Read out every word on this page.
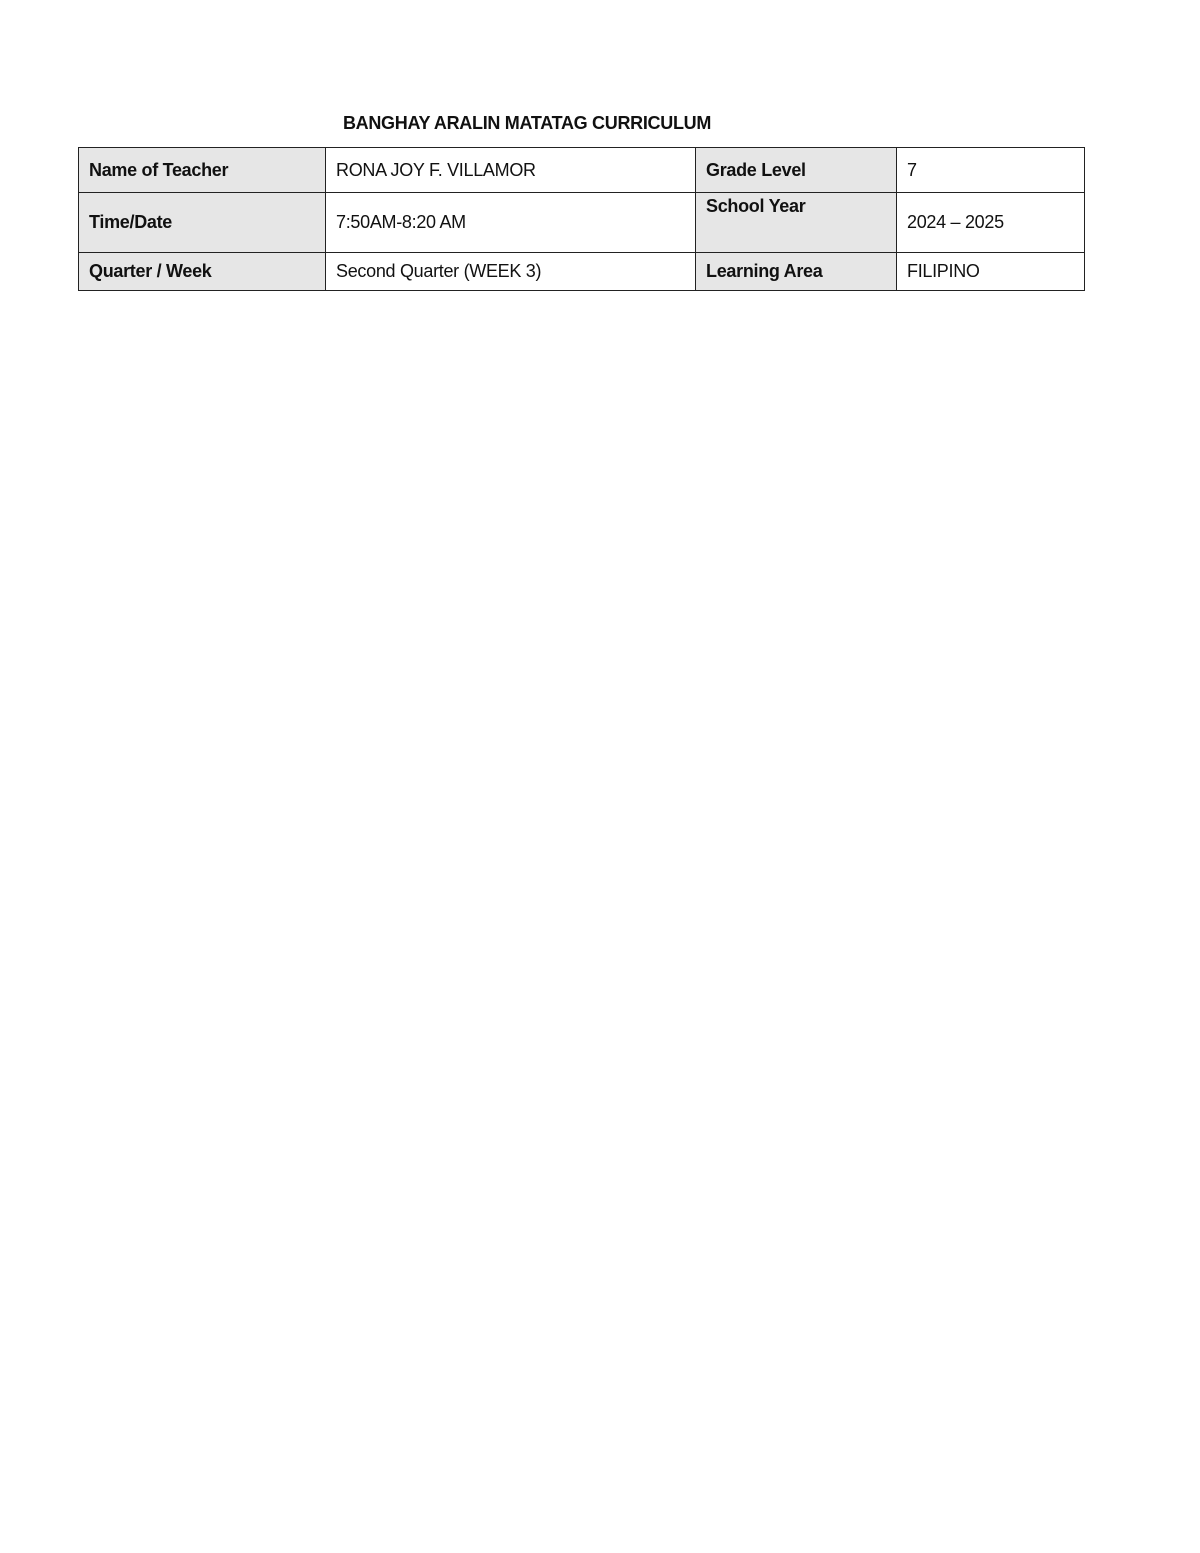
BANGHAY ARALIN MATATAG CURRICULUM
Name of Teacher	RONA JOY F. VILLAMOR	Grade Level	7
Time/Date	7:50AM-8:20 AM	School Year	2024 – 2025
Quarter / Week	Second Quarter (WEEK 3)	Learning Area	FILIPINO
